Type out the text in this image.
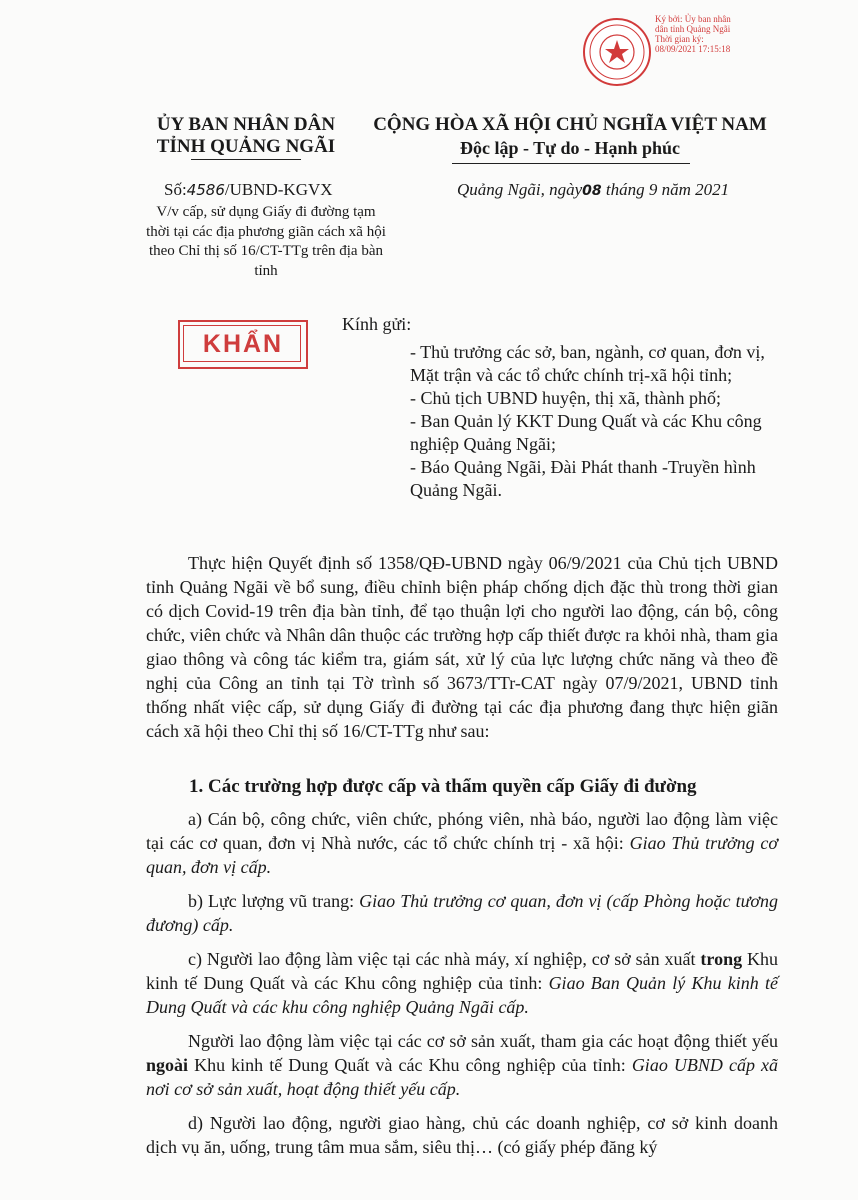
Ký bởi: Ủy ban nhân
dân tỉnh Quảng Ngãi
Thời gian ký:
08/09/2021 17:15:18
ỦY BAN NHÂN DÂN
TỈNH QUẢNG NGÃI
CỘNG HÒA XÃ HỘI CHỦ NGHĨA VIỆT NAM
Độc lập - Tự do - Hạnh phúc
Số:4586/UBND-KGVX	Quảng Ngãi, ngày08 tháng 9 năm 2021
V/v cấp, sử dụng Giấy đi đường tạm thời tại các địa phương giãn cách xã hội theo Chỉ thị số 16/CT-TTg trên địa bàn tỉnh
KHẨN
Kính gửi:
- Thủ trưởng các sở, ban, ngành, cơ quan, đơn vị, Mặt trận và các tổ chức chính trị-xã hội tỉnh;
- Chủ tịch UBND huyện, thị xã, thành phố;
- Ban Quản lý KKT Dung Quất và các Khu công nghiệp Quảng Ngãi;
- Báo Quảng Ngãi, Đài Phát thanh -Truyền hình Quảng Ngãi.
Thực hiện Quyết định số 1358/QĐ-UBND ngày 06/9/2021 của Chủ tịch UBND tỉnh Quảng Ngãi về bổ sung, điều chỉnh biện pháp chống dịch đặc thù trong thời gian có dịch Covid-19 trên địa bàn tỉnh, để tạo thuận lợi cho người lao động, cán bộ, công chức, viên chức và Nhân dân thuộc các trường hợp cấp thiết được ra khỏi nhà, tham gia giao thông và công tác kiểm tra, giám sát, xử lý của lực lượng chức năng và theo đề nghị của Công an tỉnh tại Tờ trình số 3673/TTr-CAT ngày 07/9/2021, UBND tỉnh thống nhất việc cấp, sử dụng Giấy đi đường tại các địa phương đang thực hiện giãn cách xã hội theo Chỉ thị số 16/CT-TTg như sau:
1. Các trường hợp được cấp và thẩm quyền cấp Giấy đi đường
a) Cán bộ, công chức, viên chức, phóng viên, nhà báo, người lao động làm việc tại các cơ quan, đơn vị Nhà nước, các tổ chức chính trị - xã hội: Giao Thủ trưởng cơ quan, đơn vị cấp.
b) Lực lượng vũ trang: Giao Thủ trưởng cơ quan, đơn vị (cấp Phòng hoặc tương đương) cấp.
c) Người lao động làm việc tại các nhà máy, xí nghiệp, cơ sở sản xuất trong Khu kinh tế Dung Quất và các Khu công nghiệp của tỉnh: Giao Ban Quản lý Khu kinh tế Dung Quất và các khu công nghiệp Quảng Ngãi cấp.
Người lao động làm việc tại các cơ sở sản xuất, tham gia các hoạt động thiết yếu ngoài Khu kinh tế Dung Quất và các Khu công nghiệp của tỉnh: Giao UBND cấp xã nơi cơ sở sản xuất, hoạt động thiết yếu cấp.
d) Người lao động, người giao hàng, chủ các doanh nghiệp, cơ sở kinh doanh dịch vụ ăn, uống, trung tâm mua sắm, siêu thị… (có giấy phép đăng ký
